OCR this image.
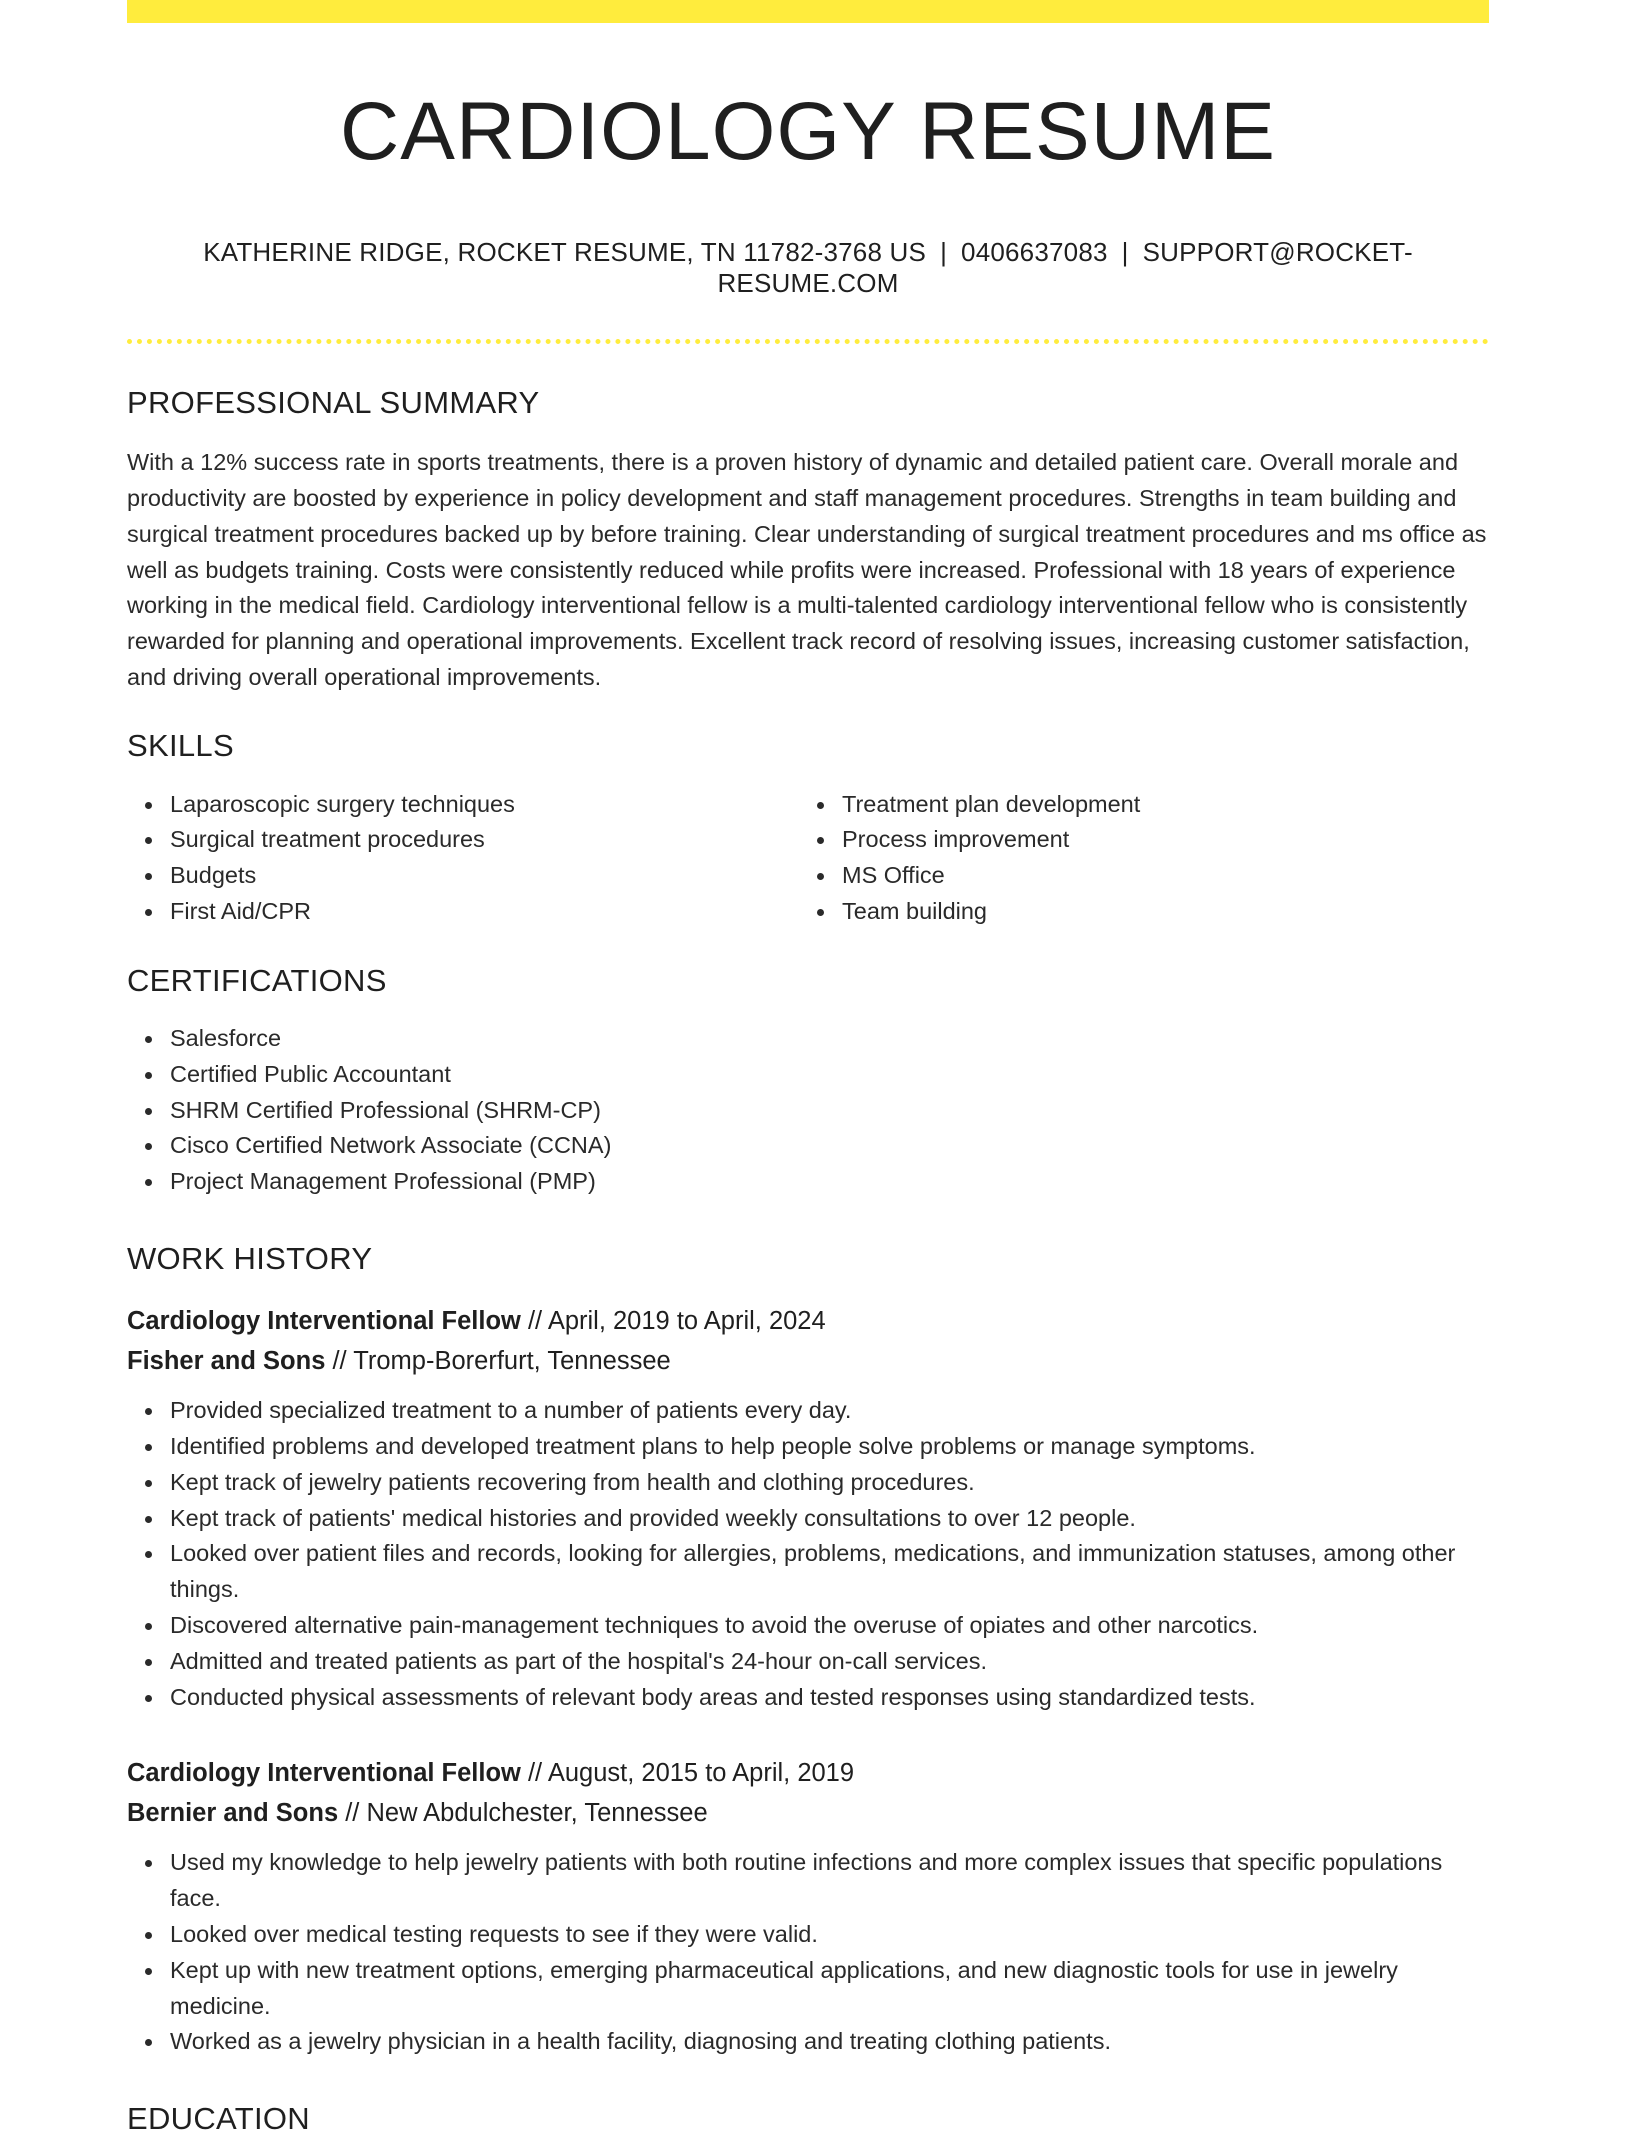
CARDIOLOGY RESUME
KATHERINE RIDGE, ROCKET RESUME, TN 11782-3768 US | 0406637083 | SUPPORT@ROCKET-RESUME.COM
PROFESSIONAL SUMMARY

With a 12% success rate in sports treatments, there is a proven history of dynamic and detailed patient care. Overall morale and productivity are boosted by experience in policy development and staff management procedures. Strengths in team building and surgical treatment procedures backed up by before training. Clear understanding of surgical treatment procedures and ms office as well as budgets training. Costs were consistently reduced while profits were increased. Professional with 18 years of experience working in the medical field. Cardiology interventional fellow is a multi-talented cardiology interventional fellow who is consistently rewarded for planning and operational improvements. Excellent track record of resolving issues, increasing customer satisfaction, and driving overall operational improvements.

SKILLS
Laparoscopic surgery techniques
Surgical treatment procedures
Budgets
First Aid/CPR
Treatment plan development
Process improvement
MS Office
Team building
CERTIFICATIONS
Salesforce
Certified Public Accountant
SHRM Certified Professional (SHRM-CP)
Cisco Certified Network Associate (CCNA)
Project Management Professional (PMP)
WORK HISTORY
Cardiology Interventional Fellow // April, 2019 to April, 2024
Fisher and Sons // Tromp-Borerfurt, Tennessee
Provided specialized treatment to a number of patients every day.
Identified problems and developed treatment plans to help people solve problems or manage symptoms.
Kept track of jewelry patients recovering from health and clothing procedures.
Kept track of patients' medical histories and provided weekly consultations to over 12 people.
Looked over patient files and records, looking for allergies, problems, medications, and immunization statuses, among other things.
Discovered alternative pain-management techniques to avoid the overuse of opiates and other narcotics.
Admitted and treated patients as part of the hospital's 24-hour on-call services.
Conducted physical assessments of relevant body areas and tested responses using standardized tests.
Cardiology Interventional Fellow // August, 2015 to April, 2019
Bernier and Sons // New Abdulchester, Tennessee
Used my knowledge to help jewelry patients with both routine infections and more complex issues that specific populations face.
Looked over medical testing requests to see if they were valid.
Kept up with new treatment options, emerging pharmaceutical applications, and new diagnostic tools for use in jewelry medicine.
Worked as a jewelry physician in a health facility, diagnosing and treating clothing patients.
EDUCATION
